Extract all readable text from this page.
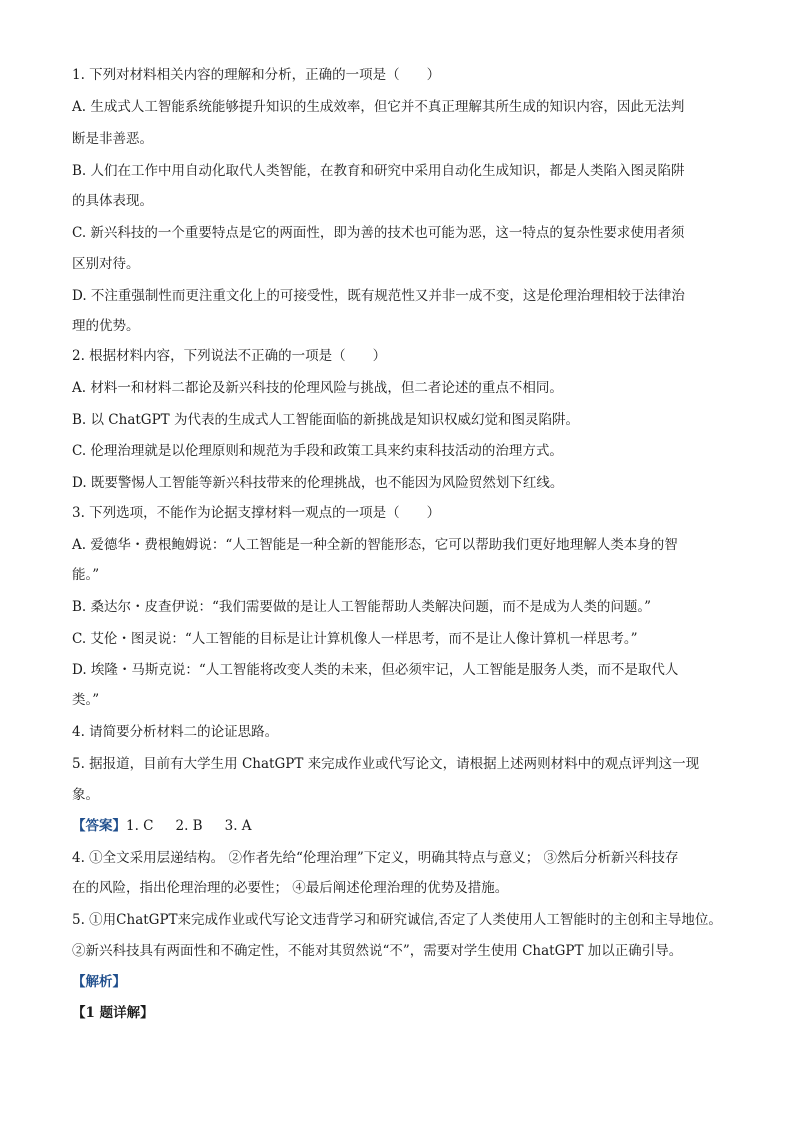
1. 下列对材料相关内容的理解和分析，正确的一项是（　　）
A. 生成式人工智能系统能够提升知识的生成效率，但它并不真正理解其所生成的知识内容，因此无法判
断是非善恶。
B. 人们在工作中用自动化取代人类智能，在教育和研究中采用自动化生成知识，都是人类陷入图灵陷阱
的具体表现。
C. 新兴科技的一个重要特点是它的两面性，即为善的技术也可能为恶，这一特点的复杂性要求使用者须
区别对待。
D. 不注重强制性而更注重文化上的可接受性，既有规范性又并非一成不变，这是伦理治理相较于法律治
理的优势。
2. 根据材料内容，下列说法不正确的一项是（　　）
A. 材料一和材料二都论及新兴科技的伦理风险与挑战，但二者论述的重点不相同。
B. 以 ChatGPT 为代表的生成式人工智能面临的新挑战是知识权威幻觉和图灵陷阱。
C. 伦理治理就是以伦理原则和规范为手段和政策工具来约束科技活动的治理方式。
D. 既要警惕人工智能等新兴科技带来的伦理挑战，也不能因为风险贸然划下红线。
3. 下列选项，不能作为论据支撑材料一观点的一项是（　　）
A. 爱德华・费根鲍姆说：“人工智能是一种全新的智能形态，它可以帮助我们更好地理解人类本身的智
能。”
B. 桑达尔・皮查伊说：“我们需要做的是让人工智能帮助人类解决问题，而不是成为人类的问题。”
C. 艾伦・图灵说：“人工智能的目标是让计算机像人一样思考，而不是让人像计算机一样思考。”
D. 埃隆・马斯克说：“人工智能将改变人类的未来，但必须牢记，人工智能是服务人类，而不是取代人
类。”
4. 请简要分析材料二的论证思路。
5. 据报道，目前有大学生用 ChatGPT 来完成作业或代写论文，请根据上述两则材料中的观点评判这一现
象。
【答案】1. C 2. B 3. A
4. ①全文采用层递结构。 ②作者先给“伦理治理”下定义，明确其特点与意义； ③然后分析新兴科技存
在的风险，指出伦理治理的必要性； ④最后阐述伦理治理的优势及措施。
5. ①用ChatGPT来完成作业或代写论文违背学习和研究诚信,否定了人类使用人工智能时的主创和主导地位。
②新兴科技具有两面性和不确定性，不能对其贸然说“不”，需要对学生使用 ChatGPT 加以正确引导。
【解析】
【1 题详解】
